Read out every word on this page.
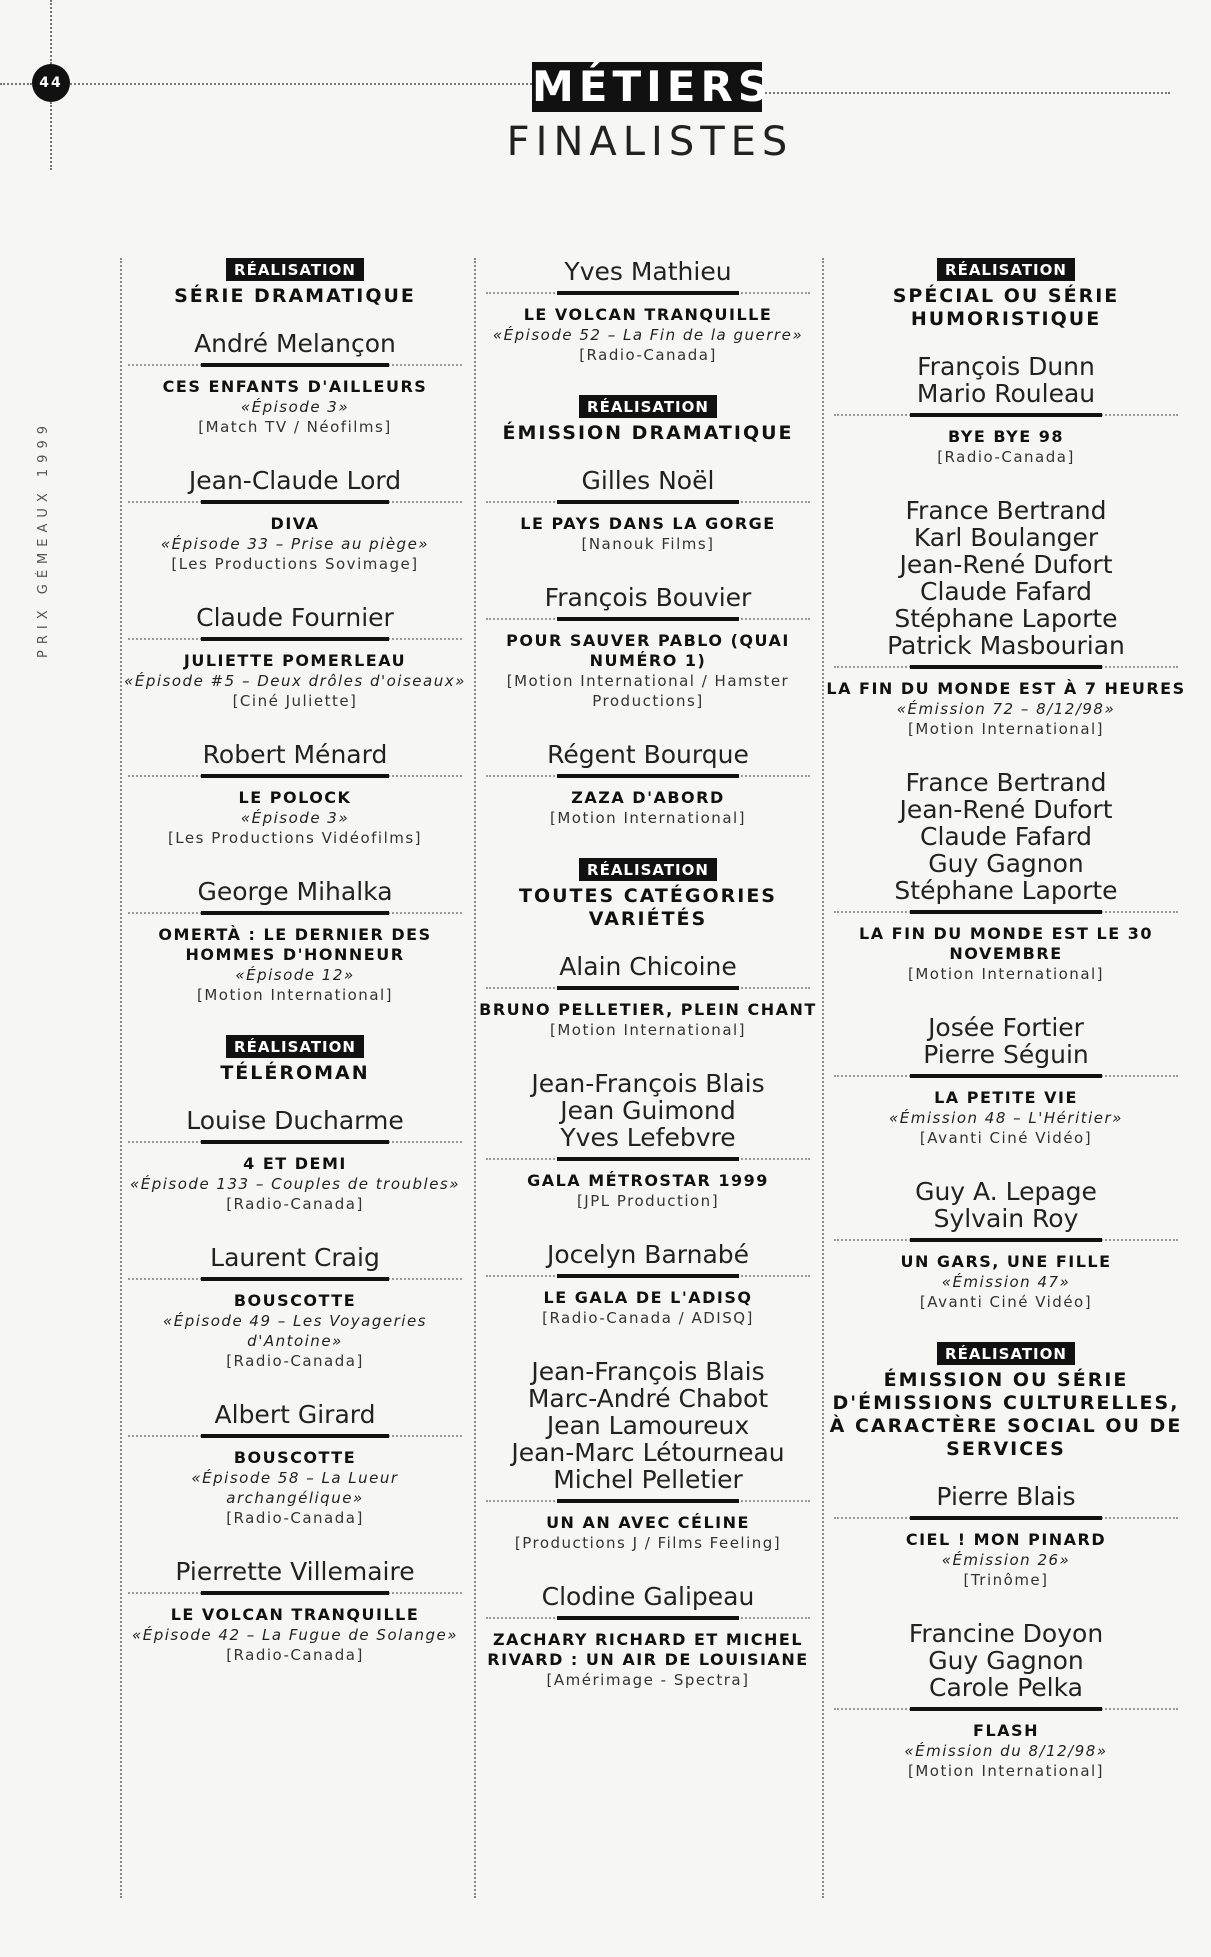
44
PRIX GÉMEAUX 1999
MÉTIERS
FINALISTES
RÉALISATION
SÉRIE DRAMATIQUE
André Melançon
CES ENFANTS D'AILLEURS
«Épisode 3»
[Match TV / Néofilms]
Jean-Claude Lord
DIVA
«Épisode 33 – Prise au piège»
[Les Productions Sovimage]
Claude Fournier
JULIETTE POMERLEAU
«Épisode #5 – Deux drôles d'oiseaux»
[Ciné Juliette]
Robert Ménard
LE POLOCK
«Épisode 3»
[Les Productions Vidéofilms]
George Mihalka
OMERTÀ : LE DERNIER DES HOMMES D'HONNEUR
«Épisode 12»
[Motion International]
RÉALISATION
TÉLÉROMAN
Louise Ducharme
4 ET DEMI
«Épisode 133 – Couples de troubles»
[Radio-Canada]
Laurent Craig
BOUSCOTTE
«Épisode 49 – Les Voyageries d'Antoine»
[Radio-Canada]
Albert Girard
BOUSCOTTE
«Épisode 58 – La Lueur archangélique»
[Radio-Canada]
Pierrette Villemaire
LE VOLCAN TRANQUILLE
«Épisode 42 – La Fugue de Solange»
[Radio-Canada]
Yves Mathieu
LE VOLCAN TRANQUILLE
«Épisode 52 – La Fin de la guerre»
[Radio-Canada]
RÉALISATION
ÉMISSION DRAMATIQUE
Gilles Noël
LE PAYS DANS LA GORGE
[Nanouk Films]
François Bouvier
POUR SAUVER PABLO (QUAI NUMÉRO 1)
[Motion International / Hamster Productions]
Régent Bourque
ZAZA D'ABORD
[Motion International]
RÉALISATION
TOUTES CATÉGORIES VARIÉTÉS
Alain Chicoine
BRUNO PELLETIER, PLEIN CHANT
[Motion International]
Jean-François Blais
Jean Guimond
Yves Lefebvre
GALA MÉTROSTAR 1999
[JPL Production]
Jocelyn Barnabé
LE GALA DE L'ADISQ
[Radio-Canada / ADISQ]
Jean-François Blais
Marc-André Chabot
Jean Lamoureux
Jean-Marc Létourneau
Michel Pelletier
UN AN AVEC CÉLINE
[Productions J / Films Feeling]
Clodine Galipeau
ZACHARY RICHARD ET MICHEL RIVARD : UN AIR DE LOUISIANE
[Amérimage - Spectra]
RÉALISATION
SPÉCIAL OU SÉRIE HUMORISTIQUE
François Dunn
Mario Rouleau
BYE BYE 98
[Radio-Canada]
France Bertrand
Karl Boulanger
Jean-René Dufort
Claude Fafard
Stéphane Laporte
Patrick Masbourian
LA FIN DU MONDE EST À 7 HEURES
«Émission 72 – 8/12/98»
[Motion International]
France Bertrand
Jean-René Dufort
Claude Fafard
Guy Gagnon
Stéphane Laporte
LA FIN DU MONDE EST LE 30 NOVEMBRE
[Motion International]
Josée Fortier
Pierre Séguin
LA PETITE VIE
«Émission 48 – L'Héritier»
[Avanti Ciné Vidéo]
Guy A. Lepage
Sylvain Roy
UN GARS, UNE FILLE
«Émission 47»
[Avanti Ciné Vidéo]
RÉALISATION
ÉMISSION OU SÉRIE D'ÉMISSIONS CULTURELLES, À CARACTÈRE SOCIAL OU DE SERVICES
Pierre Blais
CIEL ! MON PINARD
«Émission 26»
[Trinôme]
Francine Doyon
Guy Gagnon
Carole Pelka
FLASH
«Émission du 8/12/98»
[Motion International]
